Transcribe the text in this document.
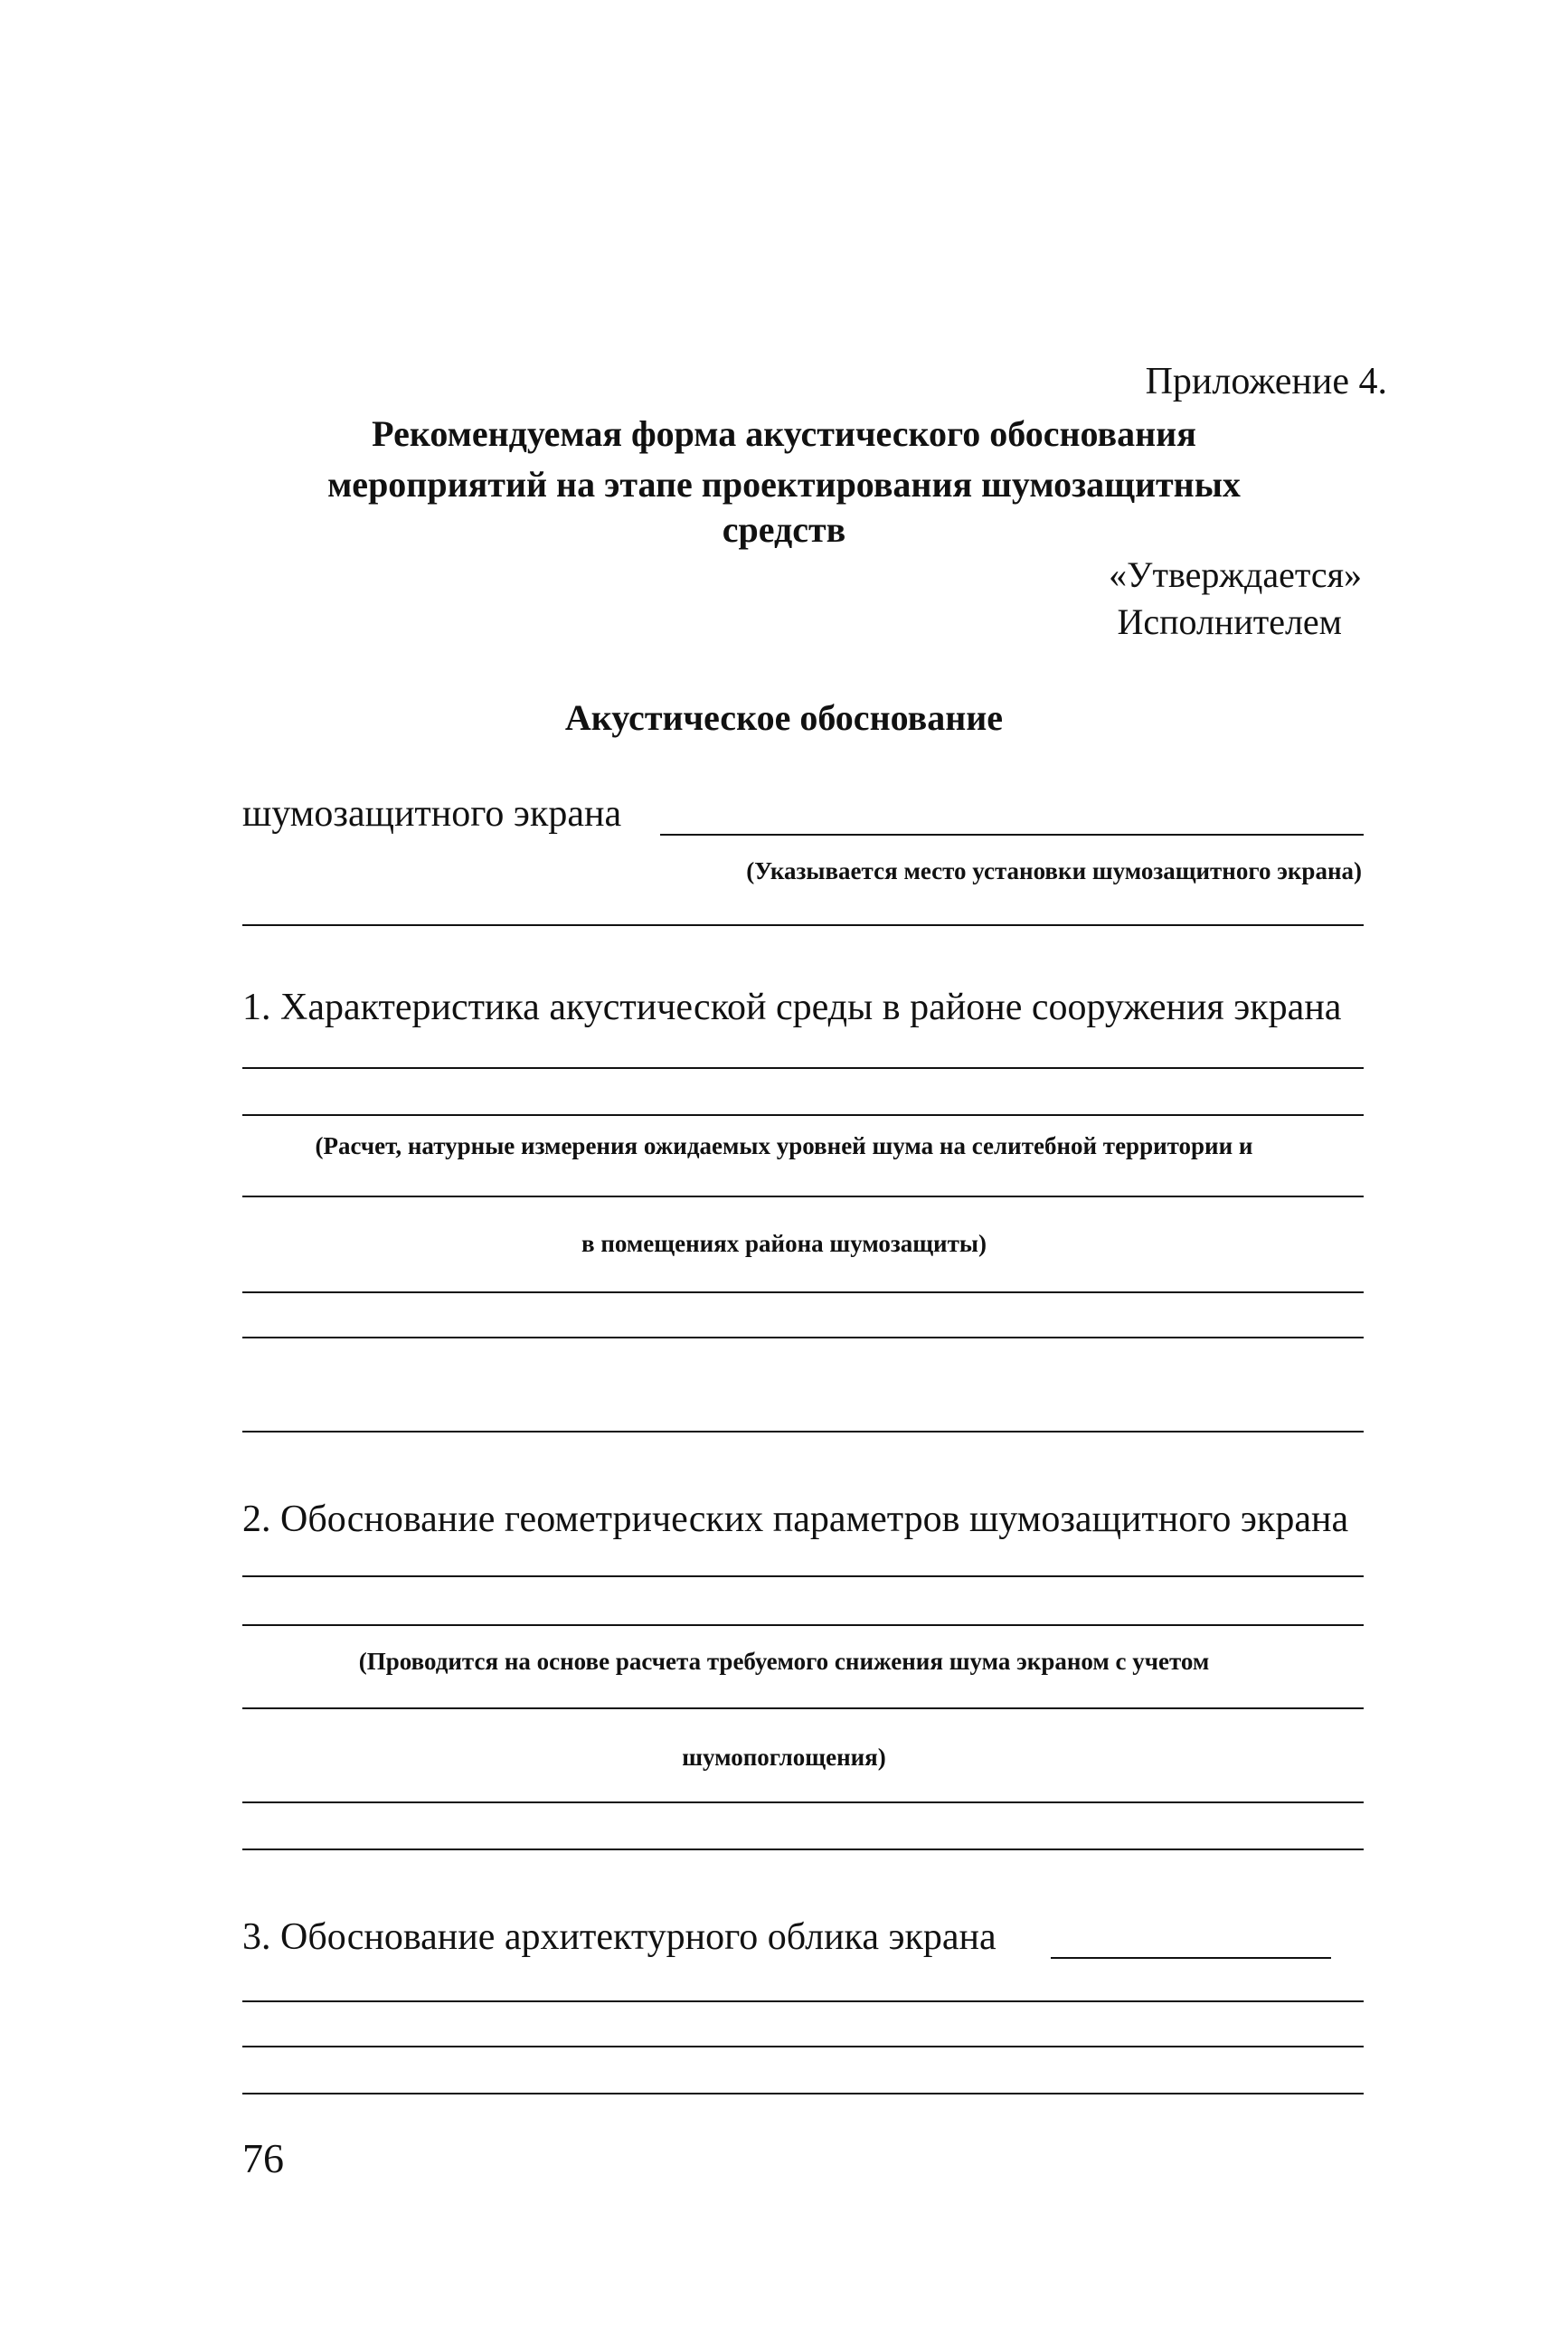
Приложение 4.
Рекомендуемая форма акустического обоснования
мероприятий на этапе проектирования шумозащитных
средств
«Утверждается»
Исполнителем
Акустическое обоснование
шумозащитного экрана
(Указывается место установки шумозащитного экрана)
1. Характеристика акустической среды в районе сооружения экрана
(Расчет, натурные измерения ожидаемых уровней шума на селитебной территории и
в помещениях района шумозащиты)
2. Обоснование геометрических параметров шумозащитного экрана
(Проводится на основе расчета требуемого снижения шума экраном с учетом
шумопоглощения)
3. Обоснование архитектурного облика экрана
76
